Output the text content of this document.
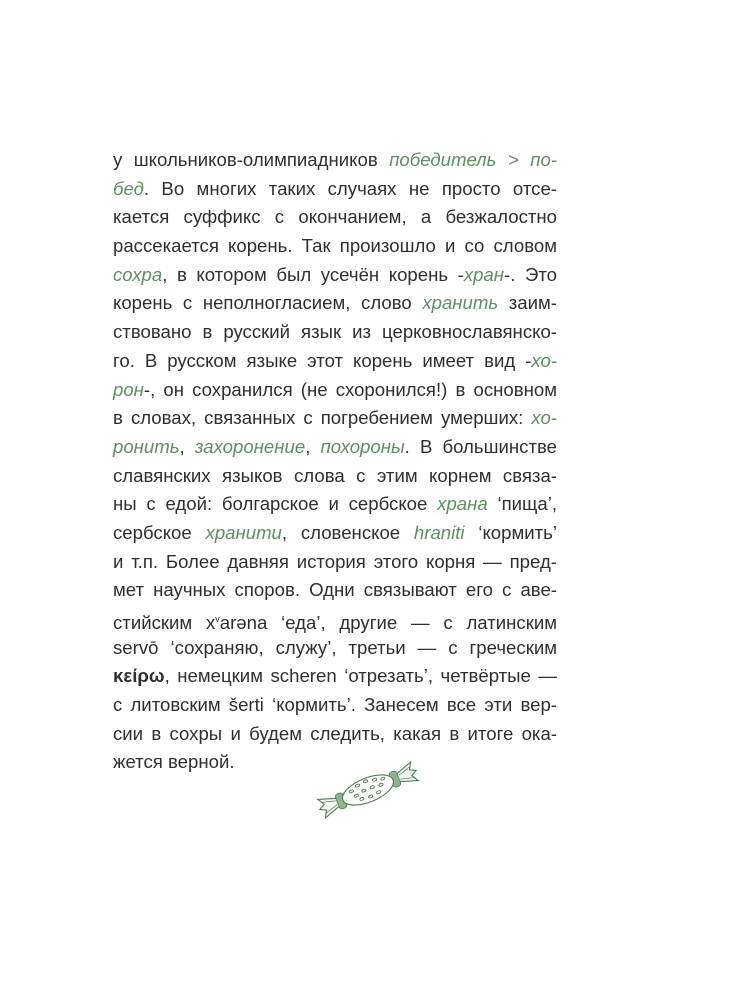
у школьников-олимпиадников победитель > по-
бед. Во многих таких случаях не просто отсе-
кается суффикс с окончанием, а безжалостно
рассекается корень. Так произошло и со словом
сохра, в котором был усечён корень -хран-. Это
корень с неполногласием, слово хранить заим-
ствовано в русский язык из церковнославянско-
го. В русском языке этот корень имеет вид -хо-
рон-, он сохранился (не схоронился!) в основном
в словах, связанных с погребением умерших: хо-
ронить, захоронение, похороны. В большинстве
славянских языков слова с этим корнем связа-
ны с едой: болгарское и сербское храна ‘пища’,
сербское хранити, словенское hraniti ‘кормить’
и т.п. Более давняя история этого корня — пред-
мет научных споров. Одни связывают его с аве-
стийским $x^varəna$ ‘еда’, другие — с латинским
servō ‘сохраняю, служу’, третьи — с греческим
κείρω, немецким scheren ‘отрезать’, четвёртые —
с литовским šerti ‘кормить’. Занесем все эти вер-
сии в сохры и будем следить, какая в итоге ока-
жется верной.
